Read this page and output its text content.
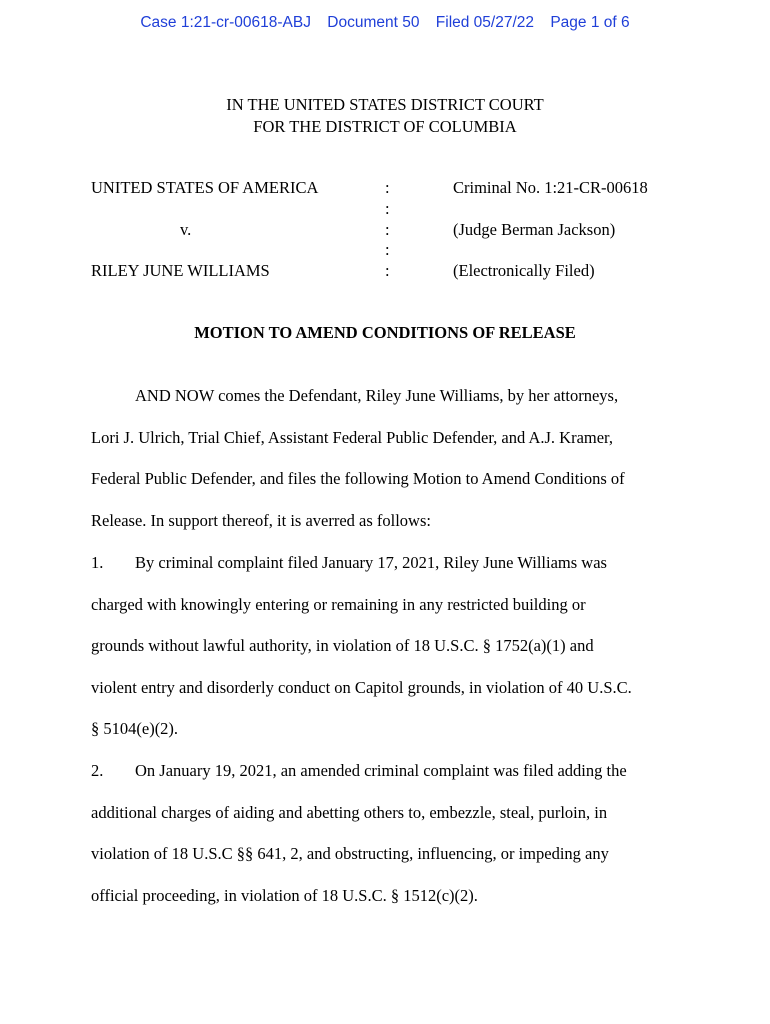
Case 1:21-cr-00618-ABJ Document 50 Filed 05/27/22 Page 1 of 6
IN THE UNITED STATES DISTRICT COURT
FOR THE DISTRICT OF COLUMBIA
UNITED STATES OF AMERICA
v.
RILEY JUNE WILLIAMS
:
:
:
:
:
Criminal No. 1:21-CR-00618
(Judge Berman Jackson)
(Electronically Filed)
MOTION TO AMEND CONDITIONS OF RELEASE
AND NOW comes the Defendant, Riley June Williams, by her attorneys,
Lori J. Ulrich, Trial Chief, Assistant Federal Public Defender, and A.J. Kramer,
Federal Public Defender, and files the following Motion to Amend Conditions of
Release. In support thereof, it is averred as follows:
1. By criminal complaint filed January 17, 2021, Riley June Williams was
charged with knowingly entering or remaining in any restricted building or
grounds without lawful authority, in violation of 18 U.S.C. § 1752(a)(1) and
violent entry and disorderly conduct on Capitol grounds, in violation of 40 U.S.C.
§ 5104(e)(2).
2. On January 19, 2021, an amended criminal complaint was filed adding the
additional charges of aiding and abetting others to, embezzle, steal, purloin, in
violation of 18 U.S.C §§ 641, 2, and obstructing, influencing, or impeding any
official proceeding, in violation of 18 U.S.C. § 1512(c)(2).
